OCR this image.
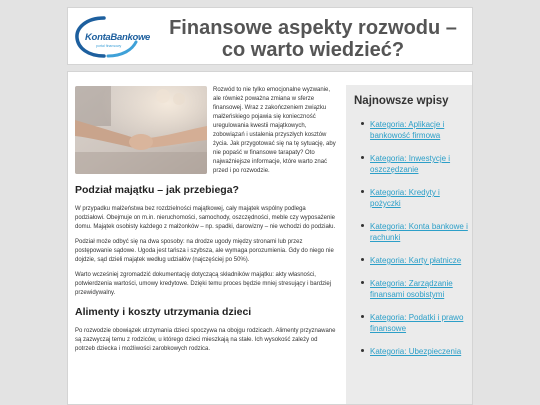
KontaBankowe
portal finansowy
Finansowe aspekty rozwodu – co warto wiedzieć?

Rozwód to nie tylko emocjonalne wyzwanie, ale również poważna zmiana w sferze finansowej. Wraz z zakończeniem związku małżeńskiego pojawia się konieczność uregulowania kwestii majątkowych, zobowiązań i ustalenia przyszłych kosztów życia. Jak przygotować się na tę sytuację, aby nie popaść w finansowe tarapaty? Oto najważniejsze informacje, które warto znać przed i po rozwodzie.

Podział majątku – jak przebiega?

W przypadku małżeństwa bez rozdzielności majątkowej, cały majątek wspólny podlega podziałowi. Obejmuje on m.in. nieruchomości, samochody, oszczędności, meble czy wyposażenie domu. Majątek osobisty każdego z małżonków – np. spadki, darowizny – nie wchodzi do podziału.

Podział może odbyć się na dwa sposoby: na drodze ugody między stronami lub przez postępowanie sądowe. Ugoda jest tańsza i szybsza, ale wymaga porozumienia. Gdy do niego nie dojdzie, sąd dzieli majątek według udziałów (najczęściej po 50%).

Warto wcześniej zgromadzić dokumentację dotyczącą składników majątku: akty własności, potwierdzenia wartości, umowy kredytowe. Dzięki temu proces będzie mniej stresujący i bardziej przewidywalny.

Alimenty i koszty utrzymania dzieci

Po rozwodzie obowiązek utrzymania dzieci spoczywa na obojgu rodzicach. Alimenty przyznawane są zazwyczaj temu z rodziców, u którego dzieci mieszkają na stałe. Ich wysokość zależy od potrzeb dziecka i możliwości zarobkowych rodzica.

Najnowsze wpisy
Kategoria: Aplikacje i bankowość firmowa
Kategoria: Inwestycje i oszczędzanie
Kategoria: Kredyty i pożyczki
Kategoria: Konta bankowe i rachunki
Kategoria: Karty płatnicze
Kategoria: Zarządzanie finansami osobistymi
Kategoria: Podatki i prawo finansowe
Kategoria: Ubezpieczenia
